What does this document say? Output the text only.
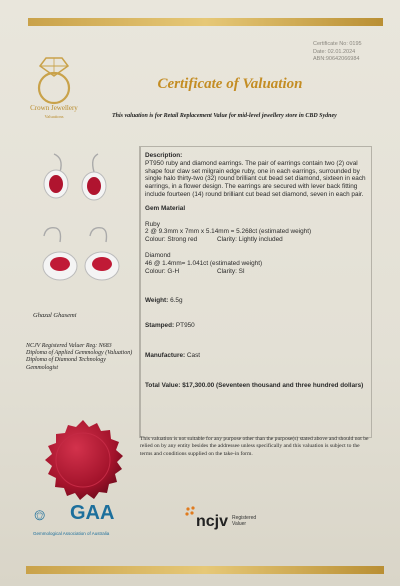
Certificate No: 0195
Date: 02.01.2024
ABN:90642066984
Crown Jewellery
Valuations
Certificate of Valuation
This valuation is for Retail Replacement Value for mid-level jewellery store in CBD Sydney
Description:
PT950 ruby and diamond earrings. The pair of earrings contain two (2) oval shape four claw set milgrain edge ruby, one in each earrings, surrounded by single halo thirty-two (32) round brilliant cut bead set diamond, sixteen in each earrings, in a flower design. The earrings are secured with lever back fitting include fourteen (14) round brilliant cut bead set diamond, seven in each pair.
Gem Material
Ruby
2 @ 9.3mm x 7mm x 5.14mm = 5.268ct (estimated weight)
Colour: Strong red	Clarity: Lightly included
Diamond
46 @ 1.4mm= 1.041ct (estimated weight)
Colour: G-H	Clarity: SI
Weight: 6.5g
Stamped: PT950
Manufacture: Cast
Total Value: $17,300.00 (Seventeen thousand and three hundred dollars)
Ghazal Ghasemi
NCJV Registered Valuer Reg: N683
Diploma of Applied Gemmology (Valuation)
Diploma of Diamond Technology
Gemmologist
This valuation is not suitable for any purpose other than the purpose(s) stated above and should not be relied on by any entity besides the addressee unless specifically and this valuation is subject to the terms and conditions supplied on the take-in form.
GAA
Gemmological Association of Australia
ncjv Registered
Valuer
